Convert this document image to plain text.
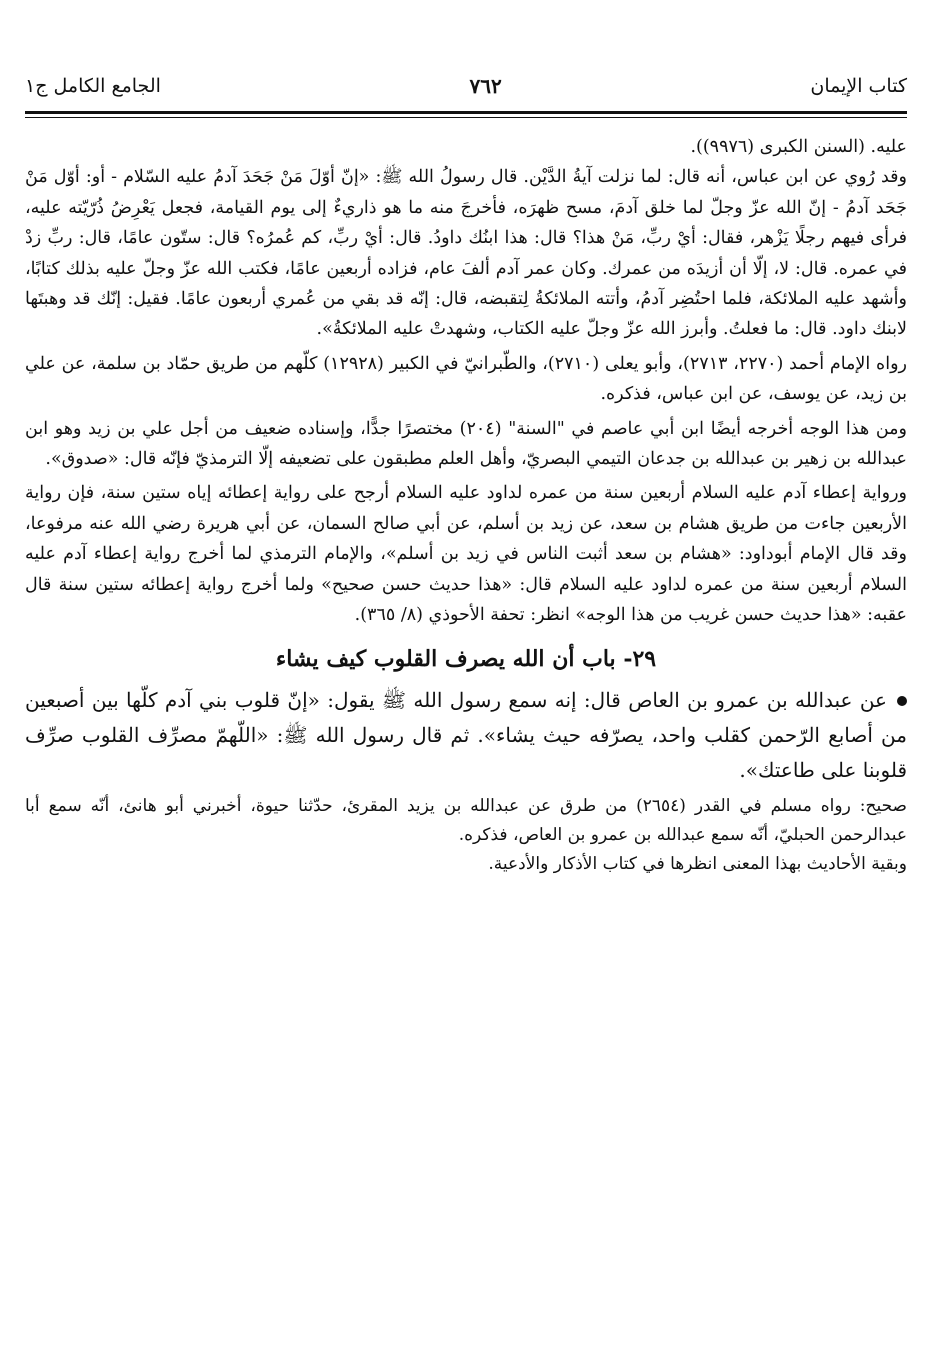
كتاب الإيمان
٧٦٢
الجامع الكامل ج١

عليه. (السنن الكبرى (٩٩٧٦)).

وقد رُوي عن ابن عباس، أنه قال: لما نزلت آيةُ الدَّيْن. قال رسولُ الله ﷺ: «إنّ أوّلَ مَنْ جَحَدَ آدمُ عليه السّلام - أو: أوّل مَنْ جَحَد آدمُ - إنّ الله عزّ وجلّ لما خلق آدمَ، مسح ظهرَه، فأخرجَ منه ما هو ذاريءٌ إلى يوم القيامة، فجعل يَعْرِضُ ذُرّيّته عليه، فرأى فيهم رجلًا يَزْهر، فقال: أيْ ربِّ، مَنْ هذا؟ قال: هذا ابنُك داودُ. قال: أيْ ربِّ، كم عُمرُه؟ قال: ستّون عامًا، قال: ربِّ زدْ في عمره. قال: لا، إلّا أن أزيدَه من عمرك. وكان عمر آدم ألفَ عام، فزاده أربعين عامًا، فكتب الله عزّ وجلّ عليه بذلك كتابًا، وأشهد عليه الملائكة، فلما احتُضِر آدمُ، وأتته الملائكةُ لِتقبضه، قال: إنّه قد بقي من عُمري أربعون عامًا. فقيل: إنّك قد وهبتَها لابنك داود. قال: ما فعلتُ. وأبرز الله عزّ وجلّ عليه الكتاب، وشهدتْ عليه الملائكةُ».

رواه الإمام أحمد (٢٢٧٠، ٢٧١٣)، وأبو يعلى (٢٧١٠)، والطّبرانيّ في الكبير (١٢٩٢٨) كلّهم من طريق حمّاد بن سلمة، عن علي بن زيد، عن يوسف، عن ابن عباس، فذكره.

ومن هذا الوجه أخرجه أيضًا ابن أبي عاصم في "السنة" (٢٠٤) مختصرًا جدًّا، وإسناده ضعيف من أجل علي بن زيد وهو ابن عبدالله بن زهير بن عبدالله بن جدعان التيمي البصريّ، وأهل العلم مطبقون على تضعيفه إلّا الترمذيّ فإنّه قال: «صدوق».

ورواية إعطاء آدم عليه السلام أربعين سنة من عمره لداود عليه السلام أرجح على رواية إعطائه إياه ستين سنة، فإن رواية الأربعين جاءت من طريق هشام بن سعد، عن زيد بن أسلم، عن أبي صالح السمان، عن أبي هريرة رضي الله عنه مرفوعا، وقد قال الإمام أبوداود: «هشام بن سعد أثبت الناس في زيد بن أسلم»، والإمام الترمذي لما أخرج رواية إعطاء آدم عليه السلام أربعين سنة من عمره لداود عليه السلام قال: «هذا حديث حسن صحيح» ولما أخرج رواية إعطائه ستين سنة قال عقبه: «هذا حديث حسن غريب من هذا الوجه» انظر: تحفة الأحوذي (٨/ ٣٦٥).

٢٩- باب أن الله يصرف القلوب كيف يشاء

عن عبدالله بن عمرو بن العاص قال: إنه سمع رسول الله ﷺ يقول: «إنّ قلوب بني آدم كلّها بين أصبعين من أصابع الرّحمن كقلب واحد، يصرّفه حيث يشاء». ثم قال رسول الله ﷺ: «اللّهمّ مصرِّف القلوب صرِّف قلوبنا على طاعتك».

صحيح: رواه مسلم في القدر (٢٦٥٤) من طرق عن عبدالله بن يزيد المقرئ، حدّثنا حيوة، أخبرني أبو هانئ، أنّه سمع أبا عبدالرحمن الحبليّ، أنّه سمع عبدالله بن عمرو بن العاص، فذكره.

وبقية الأحاديث بهذا المعنى انظرها في كتاب الأذكار والأدعية.
